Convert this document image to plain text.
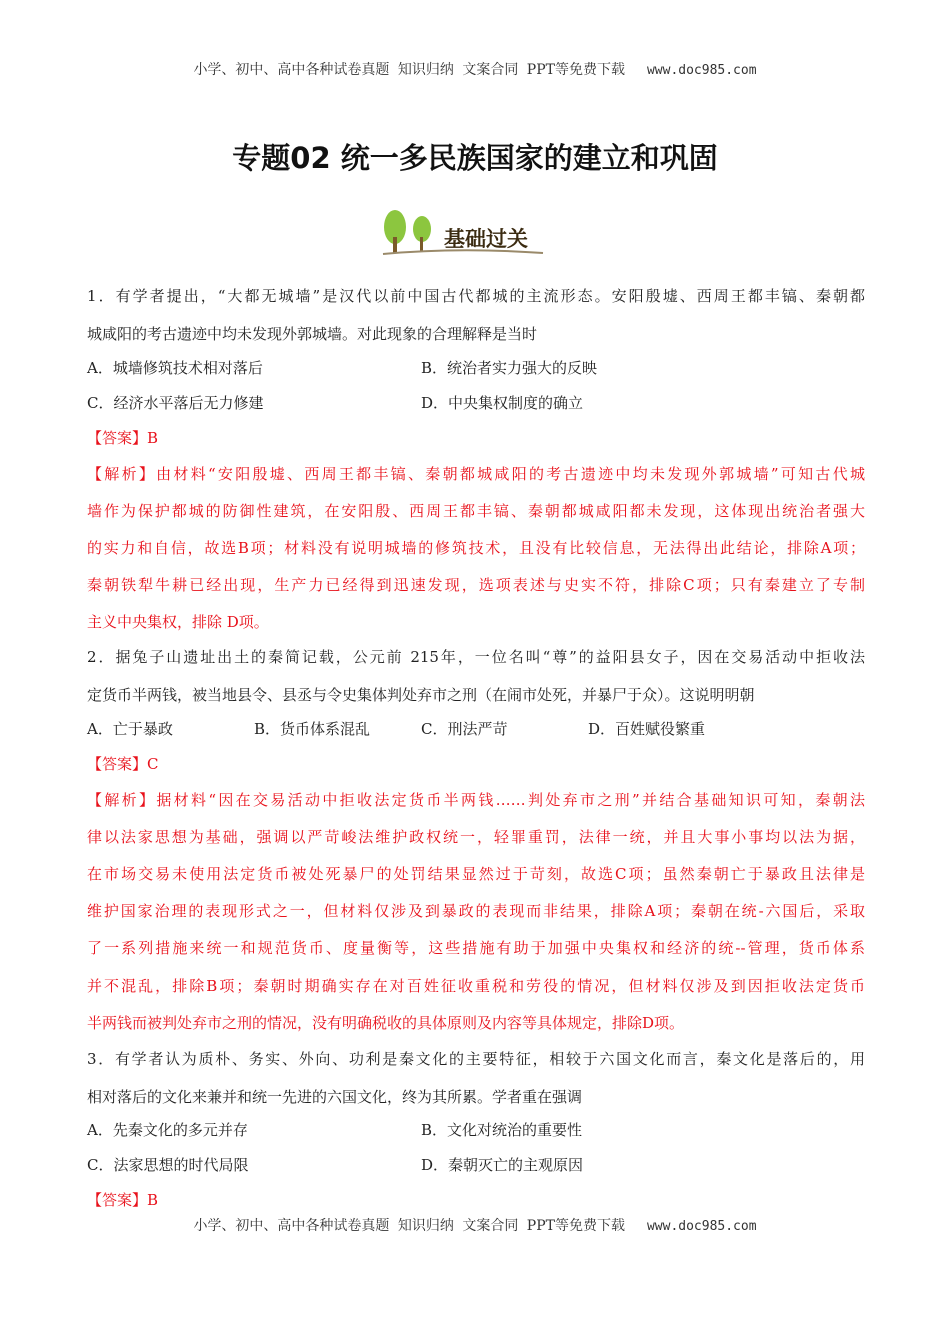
小学、初中、高中各种试卷真题 知识归纳 文案合同 PPT等免费下载 www.doc985.com
专题02 统一多民族国家的建立和巩固
基础过关
1．有学者提出，“大都无城墙”是汉代以前中国古代都城的主流形态。安阳殷墟、西周王都丰镐、秦朝都
城咸阳的考古遗迹中均未发现外郭城墙。对此现象的合理解释是当时
A．城墙修筑技术相对落后	B．统治者实力强大的反映
C．经济水平落后无力修建	D．中央集权制度的确立
【答案】B
【解析】由材料“安阳殷墟、西周王都丰镐、秦朝都城咸阳的考古遗迹中均未发现外郭城墙”可知古代城
墙作为保护都城的防御性建筑，在安阳殷、西周王都丰镐、秦朝都城咸阳都未发现，这体现出统治者强大
的实力和自信，故选B项；材料没有说明城墙的修筑技术，且没有比较信息，无法得出此结论，排除A项；
秦朝铁犁牛耕已经出现，生产力已经得到迅速发现，选项表述与史实不符，排除C项；只有秦建立了专制
主义中央集权，排除 D项。
2．据兔子山遗址出土的秦简记载，公元前 215年，一位名叫“尊”的益阳县女子，因在交易活动中拒收法
定货币半两钱，被当地县令、县丞与令史集体判处弃市之刑（在闹市处死，并暴尸于众）。这说明明朝
A．亡于暴政	B．货币体系混乱	C．刑法严苛	D．百姓赋役繁重
【答案】C
【解析】据材料“因在交易活动中拒收法定货币半两钱……判处弃市之刑”并结合基础知识可知，秦朝法
律以法家思想为基础，强调以严苛峻法维护政权统一，轻罪重罚，法律一统，并且大事小事均以法为据，
在市场交易未使用法定货币被处死暴尸的处罚结果显然过于苛刻，故选C项；虽然秦朝亡于暴政且法律是
维护国家治理的表现形式之一，但材料仅涉及到暴政的表现而非结果，排除A项；秦朝在统-六国后，采取
了一系列措施来统一和规范货币、度量衡等，这些措施有助于加强中央集权和经济的统--管理，货币体系
并不混乱，排除B项；秦朝时期确实存在对百姓征收重税和劳役的情况，但材料仅涉及到因拒收法定货币
半两钱而被判处弃市之刑的情况，没有明确税收的具体原则及内容等具体规定，排除D项。
3．有学者认为质朴、务实、外向、功利是秦文化的主要特征，相较于六国文化而言，秦文化是落后的，用
相对落后的文化来兼并和统一先进的六国文化，终为其所累。学者重在强调
A．先秦文化的多元并存	B．文化对统治的重要性
C．法家思想的时代局限	D．秦朝灭亡的主观原因
【答案】B
小学、初中、高中各种试卷真题 知识归纳 文案合同 PPT等免费下载 www.doc985.com
